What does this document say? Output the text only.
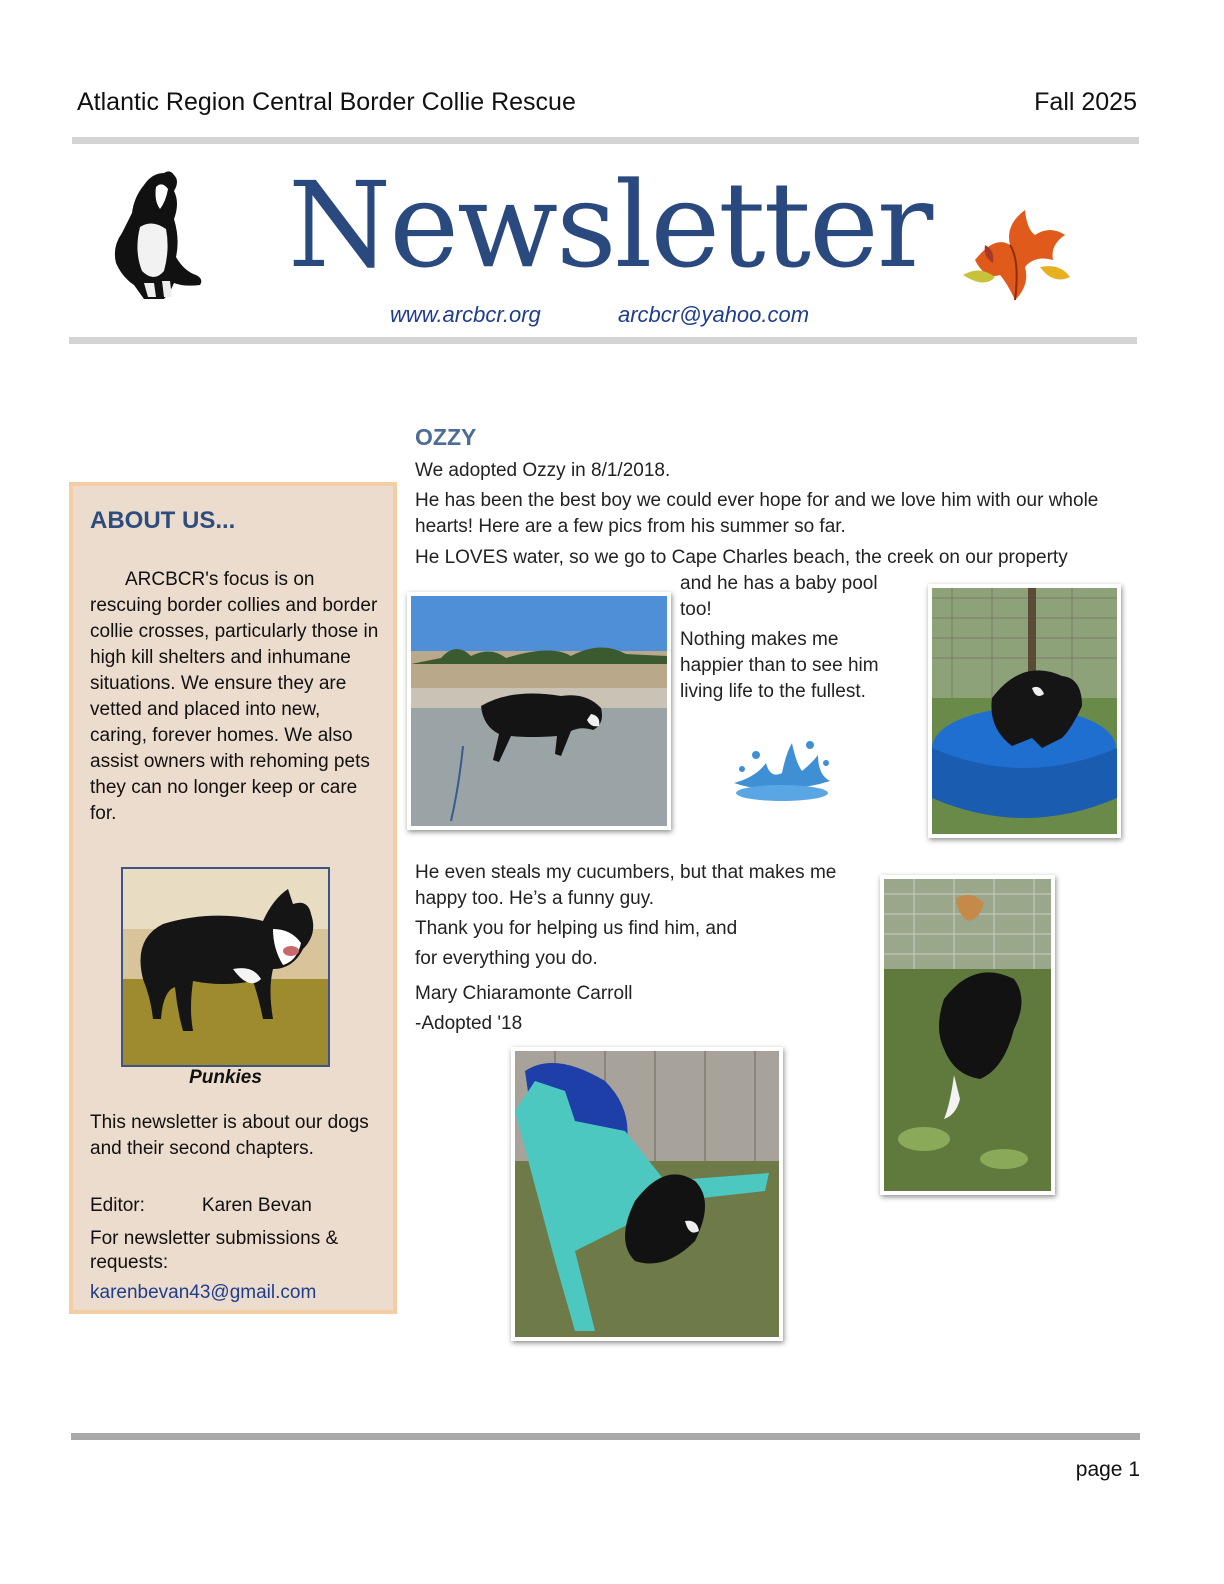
Atlantic Region Central Border Collie Rescue	Fall 2025
Newsletter
www.arcbcr.org	arcbcr@yahoo.com
ABOUT US...
ARCBCR's focus is on rescuing border collies and border collie crosses, particularly those in high kill shelters and inhumane situations. We ensure they are vetted and placed into new, caring, forever homes. We also assist owners with rehoming pets they can no longer keep or care for.
Punkies
This newsletter is about our dogs and their second chapters.
Editor:	Karen Bevan
For newsletter submissions & requests:
karenbevan43@gmail.com
OZZY
We adopted Ozzy in 8/1/2018.
He has been the best boy we could ever hope for and we love him with our whole hearts! Here are a few pics from his summer so far.
He LOVES water, so we go to Cape Charles beach, the creek on our property
and he has a baby pool too!
Nothing makes me happier than to see him living life to the fullest.
He even steals my cucumbers, but that makes me happy too. He’s a funny guy.
Thank you for helping us find him, and
for everything you do.
Mary Chiaramonte Carroll
-Adopted '18
page 1
